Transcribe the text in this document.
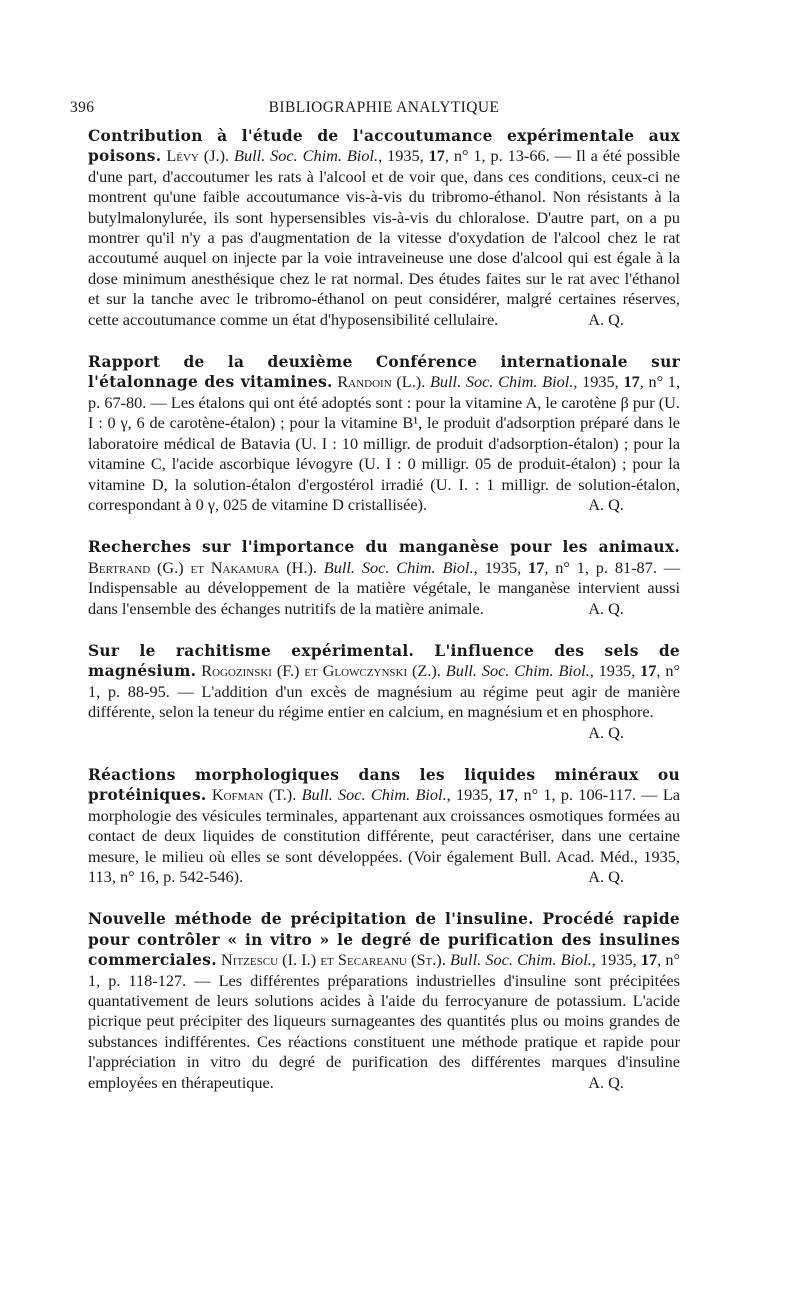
396	BIBLIOGRAPHIE ANALYTIQUE

Contribution à l'étude de l'accoutumance expérimentale aux poisons. Lévy (J.). Bull. Soc. Chim. Biol., 1935, 17, n° 1, p. 13-66. — Il a été possible d'une part, d'accoutumer les rats à l'alcool et de voir que, dans ces conditions, ceux-ci ne montrent qu'une faible accoutumance vis-à-vis du tribromo-éthanol. Non résistants à la butylmalonylurée, ils sont hypersensibles vis-à-vis du chloralose. D'autre part, on a pu montrer qu'il n'y a pas d'augmentation de la vitesse d'oxydation de l'alcool chez le rat accoutumé auquel on injecte par la voie intraveineuse une dose d'alcool qui est égale à la dose minimum anesthésique chez le rat normal. Des études faites sur le rat avec l'éthanol et sur la tanche avec le tribromo-éthanol on peut considérer, malgré certaines réserves, cette accoutumance comme un état d'hyposensibilité cellulaire.	A. Q.

Rapport de la deuxième Conférence internationale sur l'étalonnage des vitamines. Randoin (L.). Bull. Soc. Chim. Biol., 1935, 17, n° 1, p. 67-80. — Les étalons qui ont été adoptés sont : pour la vitamine A, le carotène β pur (U. I : 0 γ, 6 de carotène-étalon) ; pour la vitamine B¹, le produit d'adsorption préparé dans le laboratoire médical de Batavia (U. I : 10 milligr. de produit d'adsorption-étalon) ; pour la vitamine C, l'acide ascorbique lévogyre (U. I : 0 milligr. 05 de produit-étalon) ; pour la vitamine D, la solution-étalon d'ergostérol irradié (U. I. : 1 milligr. de solution-étalon, correspondant à 0 γ, 025 de vitamine D cristallisée).	A. Q.

Recherches sur l'importance du manganèse pour les animaux. Bertrand (G.) et Nakamura (H.). Bull. Soc. Chim. Biol., 1935, 17, n° 1, p. 81-87. — Indispensable au développement de la matière végétale, le manganèse intervient aussi dans l'ensemble des échanges nutritifs de la matière animale.	A. Q.

Sur le rachitisme expérimental. L'influence des sels de magnésium. Rogozinski (F.) et Glowczynski (Z.). Bull. Soc. Chim. Biol., 1935, 17, n° 1, p. 88-95. — L'addition d'un excès de magnésium au régime peut agir de manière différente, selon la teneur du régime entier en calcium, en magnésium et en phosphore.
A. Q.

Réactions morphologiques dans les liquides minéraux ou protéiniques. Kofman (T.). Bull. Soc. Chim. Biol., 1935, 17, n° 1, p. 106-117. — La morphologie des vésicules terminales, appartenant aux croissances osmotiques formées au contact de deux liquides de constitution différente, peut caractériser, dans une certaine mesure, le milieu où elles se sont développées. (Voir également Bull. Acad. Méd., 1935, 113, n° 16, p. 542-546).	A. Q.

Nouvelle méthode de précipitation de l'insuline. Procédé rapide pour contrôler « in vitro » le degré de purification des insulines commerciales. Nitzescu (I. I.) et Secareanu (St.). Bull. Soc. Chim. Biol., 1935, 17, n° 1, p. 118-127. — Les différentes préparations industrielles d'insuline sont précipitées quantativement de leurs solutions acides à l'aide du ferrocyanure de potassium. L'acide picrique peut précipiter des liqueurs surnageantes des quantités plus ou moins grandes de substances indifférentes. Ces réactions constituent une méthode pratique et rapide pour l'appréciation in vitro du degré de purification des différentes marques d'insuline employées en thérapeutique.	A. Q.
